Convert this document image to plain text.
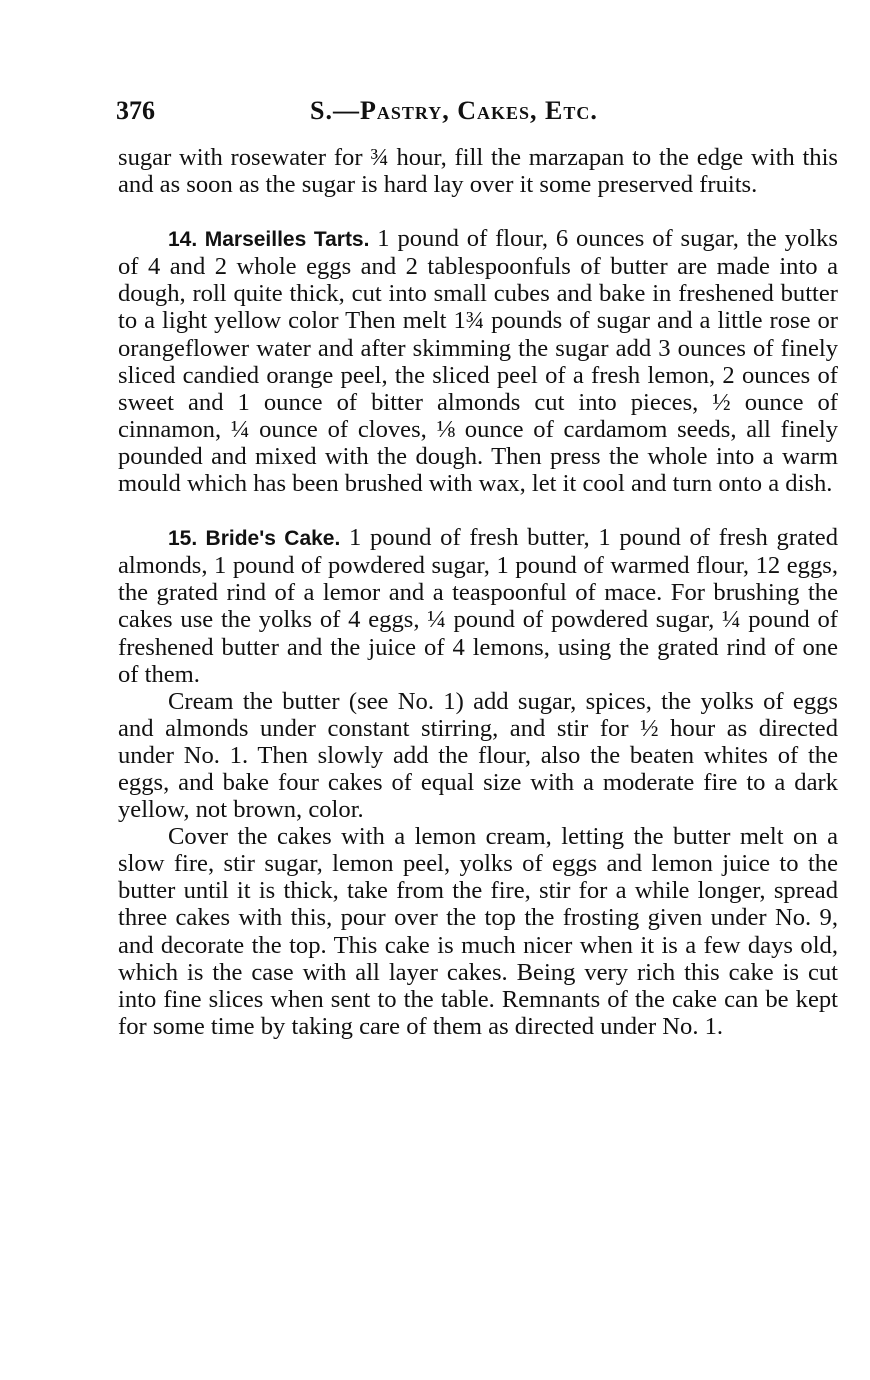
376	S.—Pastry, Cakes, Etc.

sugar with rosewater for ¾ hour, fill the marzapan to the edge with this and as soon as the sugar is hard lay over it some preserved fruits.

14. Marseilles Tarts. 1 pound of flour, 6 ounces of sugar, the yolks of 4 and 2 whole eggs and 2 tablespoonfuls of butter are made into a dough, roll quite thick, cut into small cubes and bake in freshened butter to a light yellow color Then melt 1¾ pounds of sugar and a little rose or orangeflower water and after skimming the sugar add 3 ounces of finely sliced candied orange peel, the sliced peel of a fresh lemon, 2 ounces of sweet and 1 ounce of bitter almonds cut into pieces, ½ ounce of cinnamon, ¼ ounce of cloves, ⅛ ounce of cardamom seeds, all finely pounded and mixed with the dough. Then press the whole into a warm mould which has been brushed with wax, let it cool and turn onto a dish.

15. Bride's Cake. 1 pound of fresh butter, 1 pound of fresh grated almonds, 1 pound of powdered sugar, 1 pound of warmed flour, 12 eggs, the grated rind of a lemor and a teaspoonful of mace. For brushing the cakes use the yolks of 4 eggs, ¼ pound of powdered sugar, ¼ pound of freshened butter and the juice of 4 lemons, using the grated rind of one of them.

Cream the butter (see No. 1) add sugar, spices, the yolks of eggs and almonds under constant stirring, and stir for ½ hour as directed under No. 1. Then slowly add the flour, also the beaten whites of the eggs, and bake four cakes of equal size with a moderate fire to a dark yellow, not brown, color.

Cover the cakes with a lemon cream, letting the butter melt on a slow fire, stir sugar, lemon peel, yolks of eggs and lemon juice to the butter until it is thick, take from the fire, stir for a while longer, spread three cakes with this, pour over the top the frosting given under No. 9, and decorate the top. This cake is much nicer when it is a few days old, which is the case with all layer cakes. Being very rich this cake is cut into fine slices when sent to the table. Remnants of the cake can be kept for some time by taking care of them as directed under No. 1.
